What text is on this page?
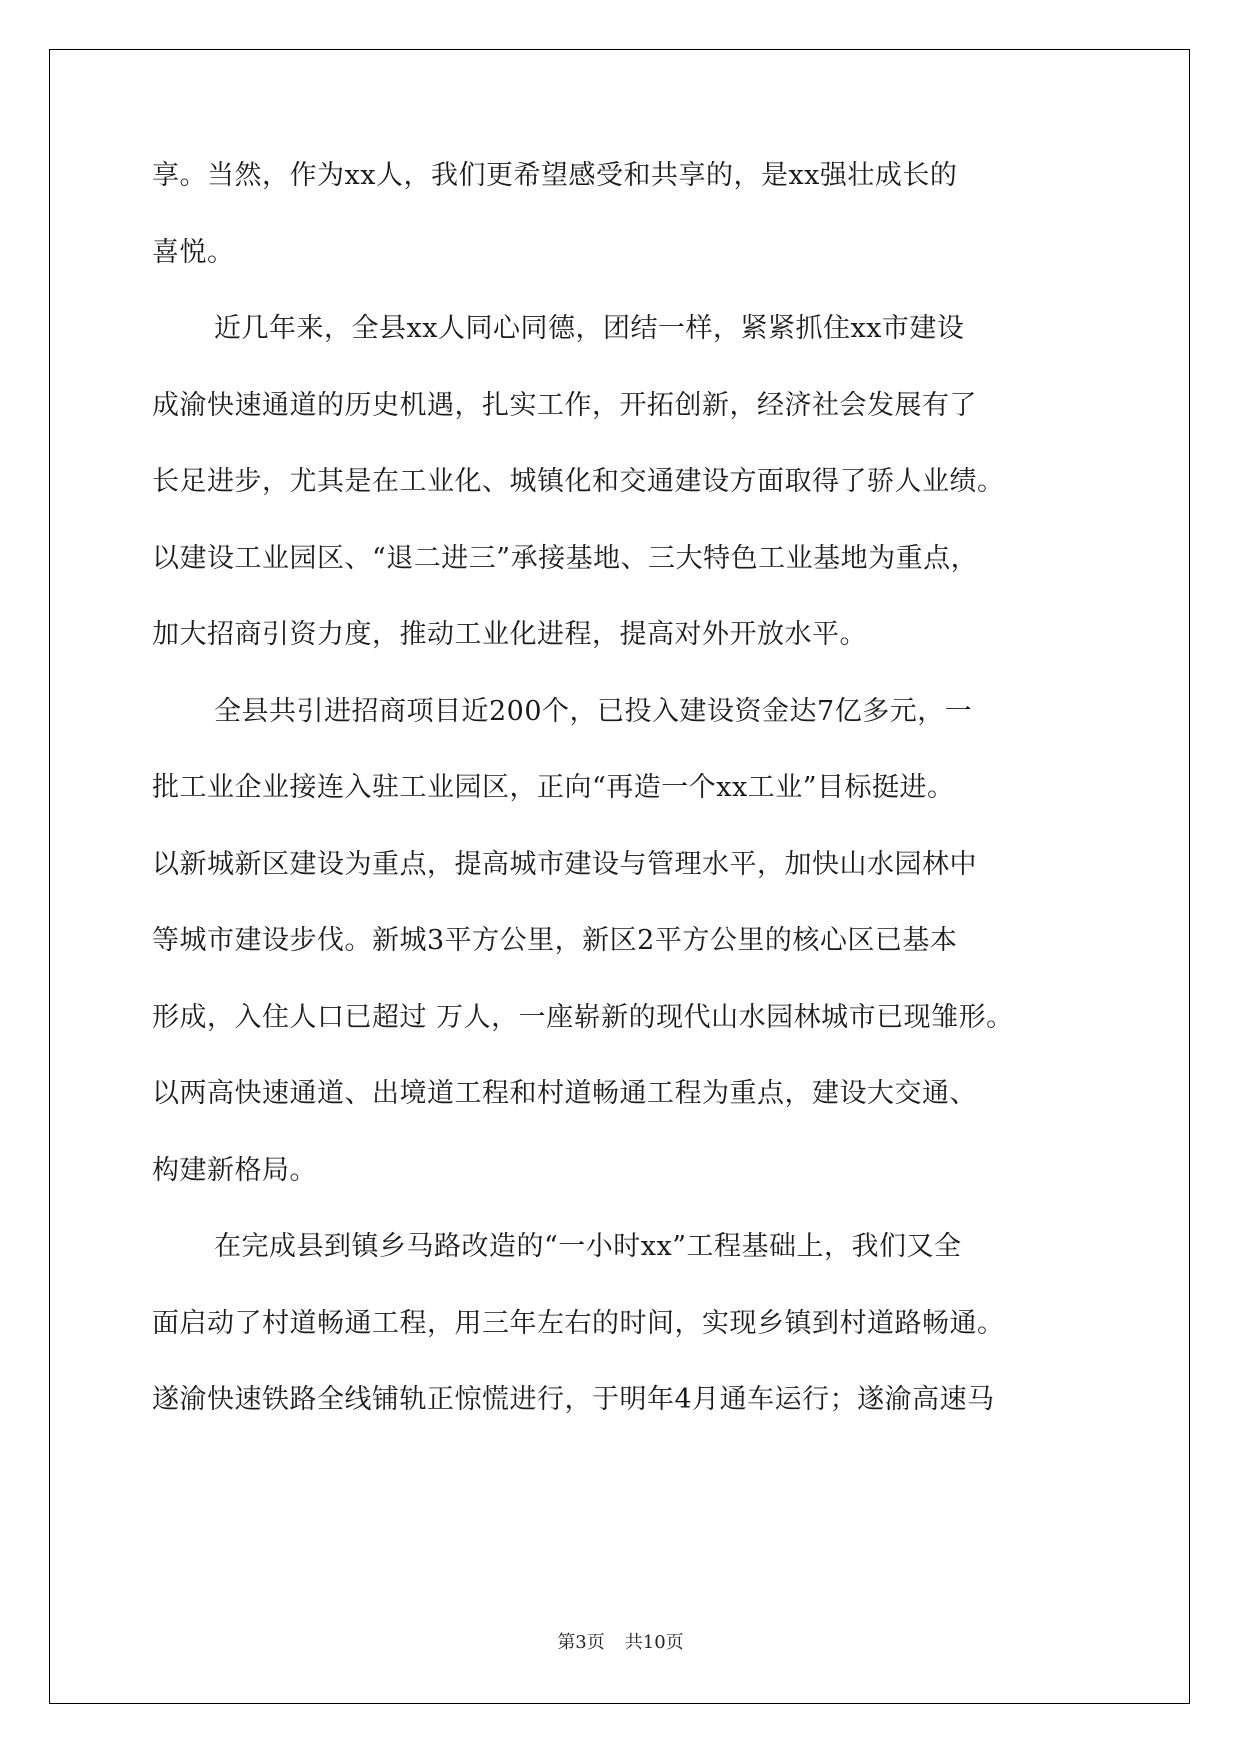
享。当然，作为xx人，我们更希望感受和共享的，是xx强壮成长的
喜悦。
近几年来，全县xx人同心同德，团结一样，紧紧抓住xx市建设
成渝快速通道的历史机遇，扎实工作，开拓创新，经济社会发展有了
长足进步，尤其是在工业化、城镇化和交通建设方面取得了骄人业绩。
以建设工业园区、“退二进三”承接基地、三大特色工业基地为重点，
加大招商引资力度，推动工业化进程，提高对外开放水平。
全县共引进招商项目近200个，已投入建设资金达7亿多元，一
批工业企业接连入驻工业园区，正向“再造一个xx工业”目标挺进。
以新城新区建设为重点，提高城市建设与管理水平，加快山水园林中
等城市建设步伐。新城3平方公里，新区2平方公里的核心区已基本
形成，入住人口已超过 万人，一座崭新的现代山水园林城市已现雏形。
以两高快速通道、出境道工程和村道畅通工程为重点，建设大交通、
构建新格局。
在完成县到镇乡马路改造的“一小时xx”工程基础上，我们又全
面启动了村道畅通工程，用三年左右的时间，实现乡镇到村道路畅通。
遂渝快速铁路全线铺轨正惊慌进行，于明年4月通车运行；遂渝高速马
第3页 共10页
